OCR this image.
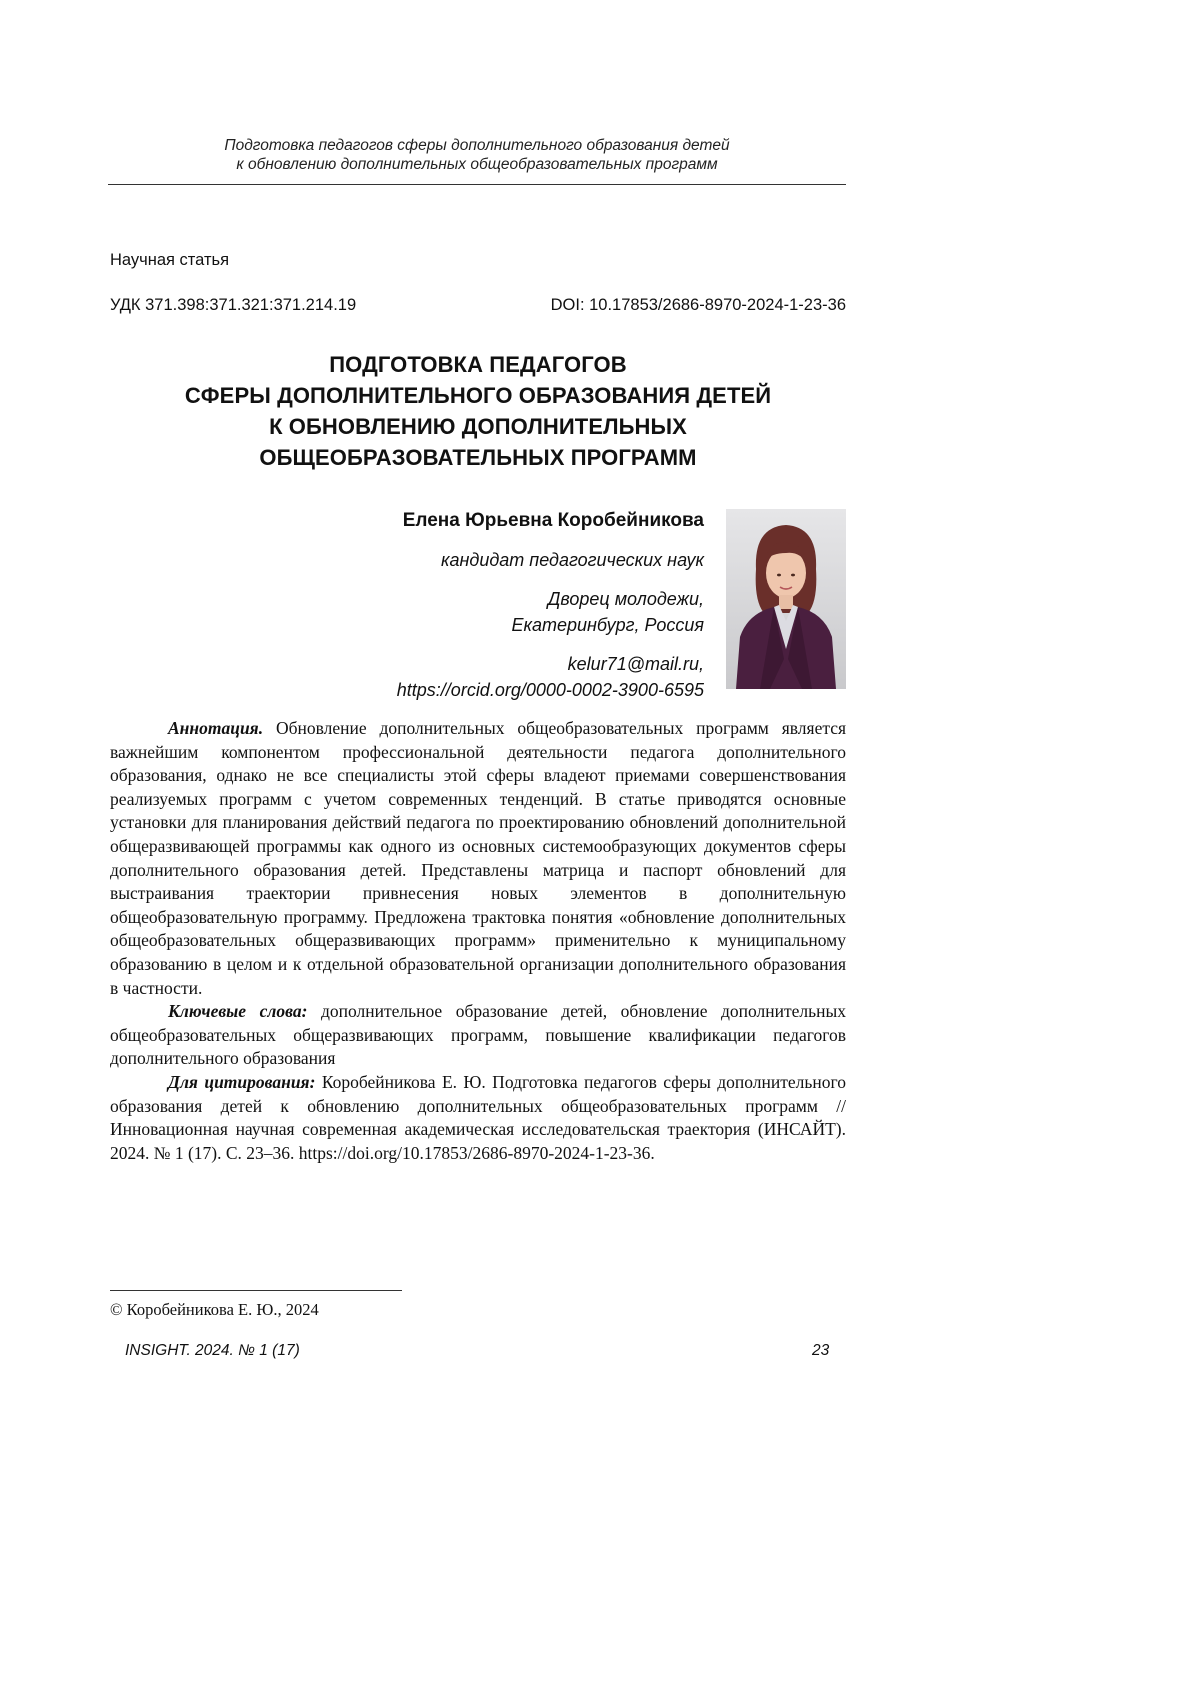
Подготовка педагогов сферы дополнительного образования детей
к обновлению дополнительных общеобразовательных программ
Научная статья
УДК 371.398:371.321:371.214.19	DOI: 10.17853/2686-8970-2024-1-23-36
ПОДГОТОВКА ПЕДАГОГОВ
СФЕРЫ ДОПОЛНИТЕЛЬНОГО ОБРАЗОВАНИЯ ДЕТЕЙ
К ОБНОВЛЕНИЮ ДОПОЛНИТЕЛЬНЫХ
ОБЩЕОБРАЗОВАТЕЛЬНЫХ ПРОГРАММ
Елена Юрьевна Коробейникова
кандидат педагогических наук
Дворец молодежи,
Екатеринбург, Россия
kelur71@mail.ru,
https://orcid.org/0000-0002-3900-6595

Аннотация. Обновление дополнительных общеобразовательных программ является важнейшим компонентом профессиональной деятельности педагога дополнительного образования, однако не все специалисты этой сферы владеют приемами совершенствования реализуемых программ с учетом современных тенденций. В статье приводятся основные установки для планирования действий педагога по проектированию обновлений дополнительной общеразвивающей программы как одного из основных системообразующих документов сферы дополнительного образования детей. Представлены матрица и паспорт обновлений для выстраивания траектории привнесения новых элементов в дополнительную общеобразовательную программу. Предложена трактовка понятия «обновление дополнительных общеобразовательных общеразвивающих программ» применительно к муниципальному образованию в целом и к отдельной образовательной организации дополнительного образования в частности.

Ключевые слова: дополнительное образование детей, обновление дополнительных общеобразовательных общеразвивающих программ, повышение квалификации педагогов дополнительного образования

Для цитирования: Коробейникова Е. Ю. Подготовка педагогов сферы дополнительного образования детей к обновлению дополнительных общеобразовательных программ // Инновационная научная современная академическая исследовательская траектория (ИНСАЙТ). 2024. № 1 (17). С. 23–36. https://doi.org/10.17853/2686-8970-2024-1-23-36.

© Коробейникова Е. Ю., 2024
INSIGHT. 2024. № 1 (17)	23
